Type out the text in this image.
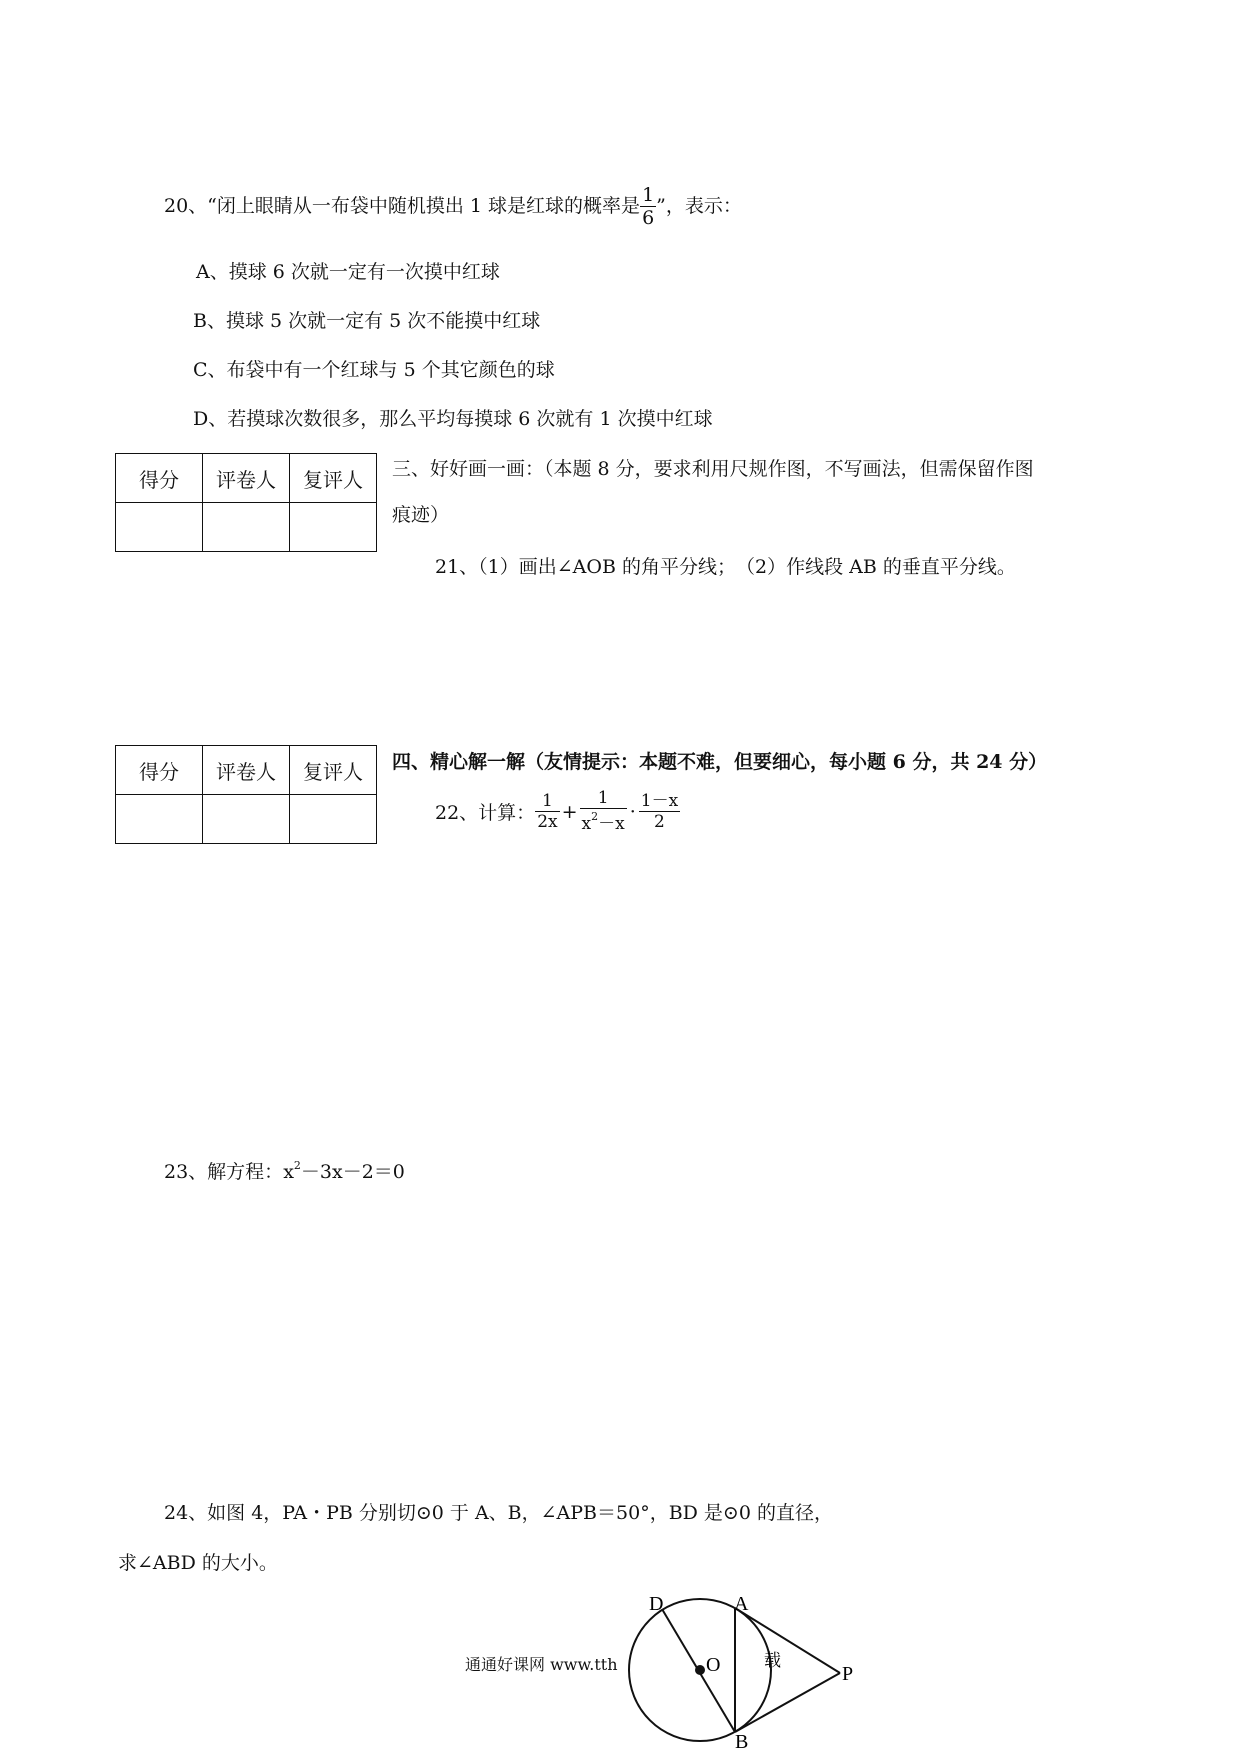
20、“闭上眼睛从一布袋中随机摸出 1 球是红球的概率是 $\frac{1}{6}$ ”，表示：
A、摸球 6 次就一定有一次摸中红球
B、摸球 5 次就一定有 5 次不能摸中红球
C、布袋中有一个红球与 5 个其它颜色的球
D、若摸球次数很多，那么平均每摸球 6 次就有 1 次摸中红球
得分	评卷人	复评人
		三、好好画一画：（本题 8 分，要求利用尺规作图，不写画法，但需保留作图
痕迹）
21、（1）画出∠AOB 的角平分线；　（2）作线段 AB 的垂直平分线。
得分	评卷人	复评人
		四、精心解一解（友情提示：本题不难，但要细心，每小题 6 分，共 24 分）
22、计算： $\frac{1}{2x} + \frac{1}{x^2-x} \cdot \frac{1-x}{2}$
23、解方程：$x^2-3x-2=0$
24、如图 4，PA・PB 分别切⊙0 于 A、B，∠APB＝50°，BD 是⊙0 的直径，
求∠ABD 的大小。
D	A
O	P
B
载
通通好课网 www.tth
